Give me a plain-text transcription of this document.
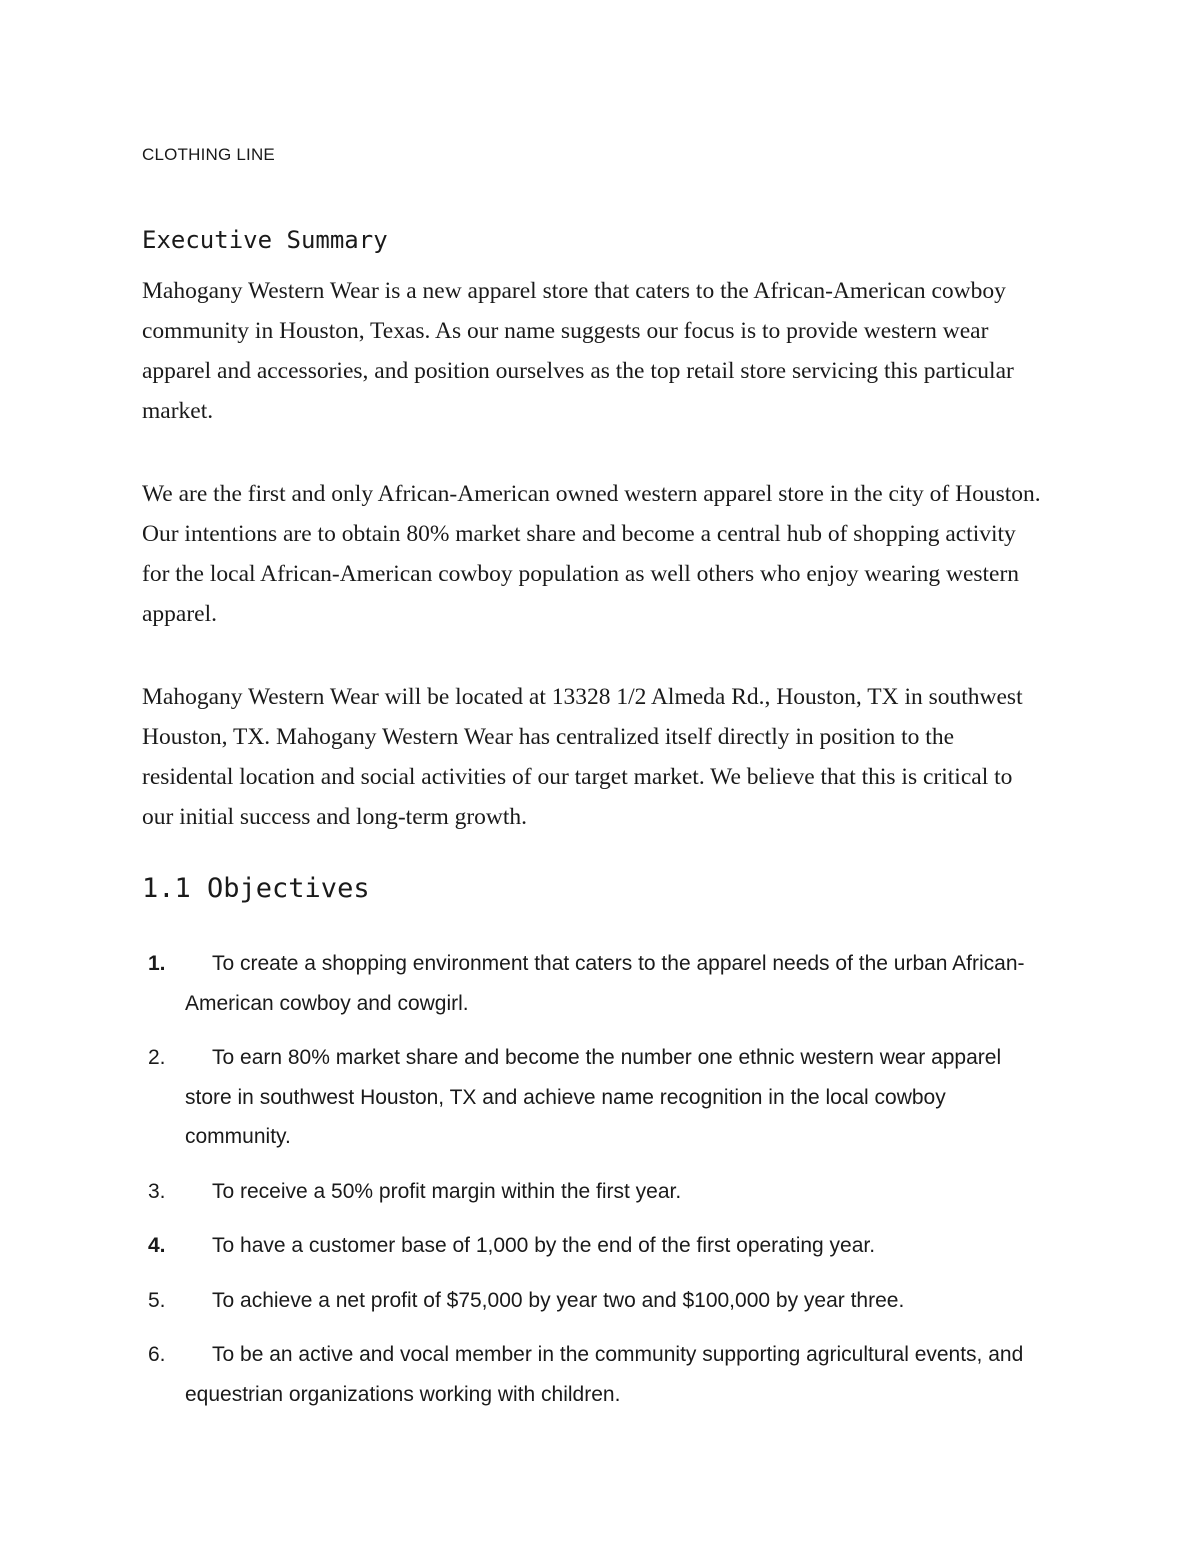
CLOTHING LINE

Executive Summary

Mahogany Western Wear is a new apparel store that caters to the African-American cowboy community in Houston, Texas. As our name suggests our focus is to provide western wear apparel and accessories, and position ourselves as the top retail store servicing this particular market.

We are the first and only African-American owned western apparel store in the city of Houston. Our intentions are to obtain 80% market share and become a central hub of shopping activity for the local African-American cowboy population as well others who enjoy wearing western apparel.

Mahogany Western Wear will be located at 13328 1/2 Almeda Rd., Houston, TX in southwest Houston, TX. Mahogany Western Wear has centralized itself directly in position to the residental location and social activities of our target market. We believe that this is critical to our initial success and long-term growth.

1.1 Objectives
1.	To create a shopping environment that caters to the apparel needs of the urban African-American cowboy and cowgirl.
2.	To earn 80% market share and become the number one ethnic western wear apparel store in southwest Houston, TX and achieve name recognition in the local cowboy community.
3.	To receive a 50% profit margin within the first year.
4.	To have a customer base of 1,000 by the end of the first operating year.
5.	To achieve a net profit of $75,000 by year two and $100,000 by year three.
6.	To be an active and vocal member in the community supporting agricultural events, and equestrian organizations working with children.
